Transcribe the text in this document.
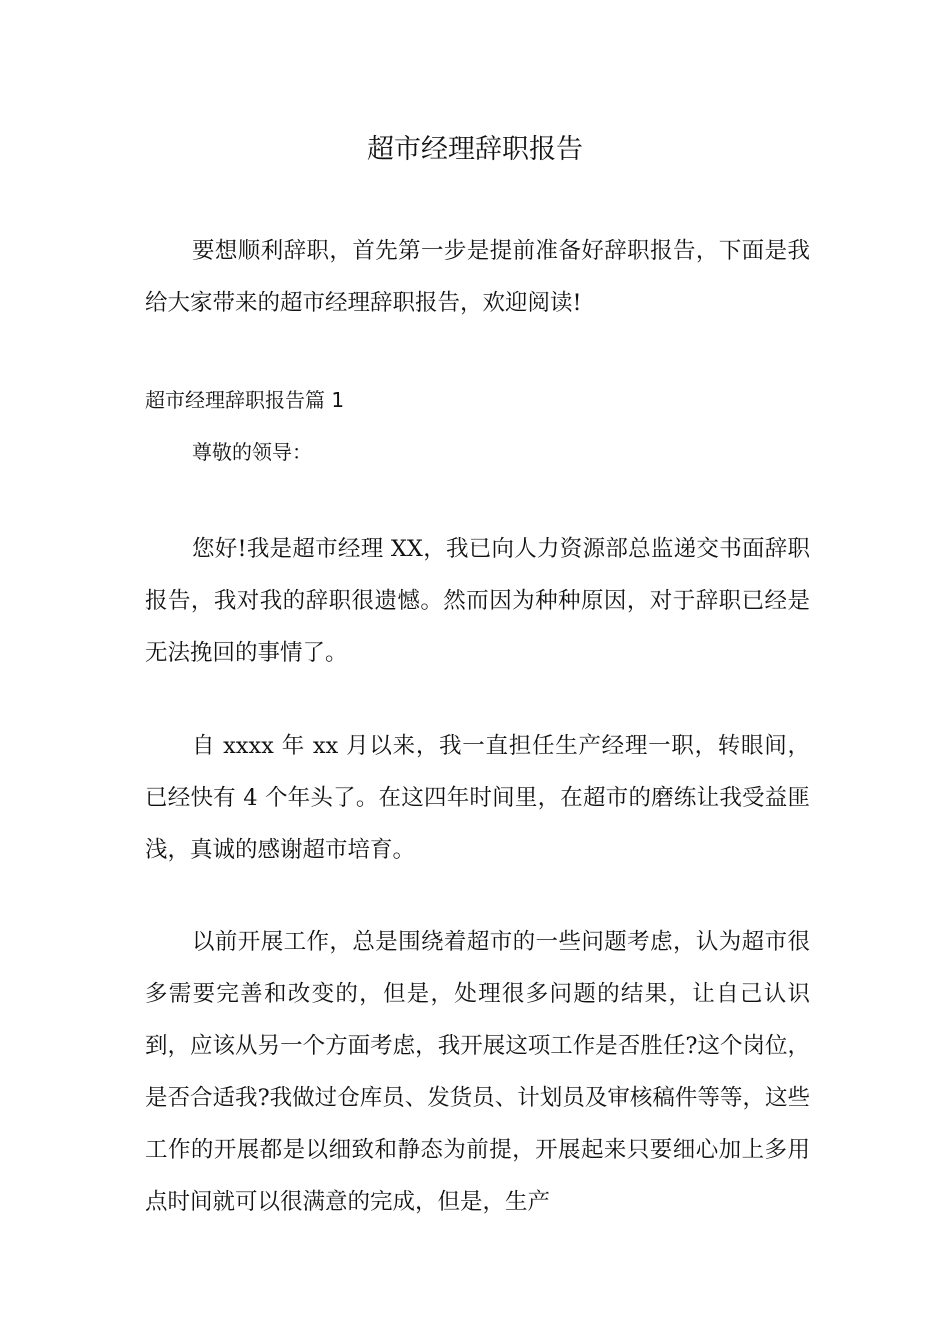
超市经理辞职报告

要想顺利辞职，首先第一步是提前准备好辞职报告，下面是我给大家带来的超市经理辞职报告，欢迎阅读!

超市经理辞职报告篇 1
尊敬的领导：

您好!我是超市经理 XX，我已向人力资源部总监递交书面辞职报告，我对我的辞职很遗憾。然而因为种种原因，对于辞职已经是无法挽回的事情了。

自 xxxx 年 xx 月以来，我一直担任生产经理一职，转眼间，已经快有 4 个年头了。在这四年时间里，在超市的磨练让我受益匪浅，真诚的感谢超市培育。

以前开展工作，总是围绕着超市的一些问题考虑，认为超市很多需要完善和改变的，但是，处理很多问题的结果，让自己认识到，应该从另一个方面考虑，我开展这项工作是否胜任?这个岗位，是否合适我?我做过仓库员、发货员、计划员及审核稿件等等，这些工作的开展都是以细致和静态为前提，开展起来只要细心加上多用点时间就可以很满意的完成，但是，生产
